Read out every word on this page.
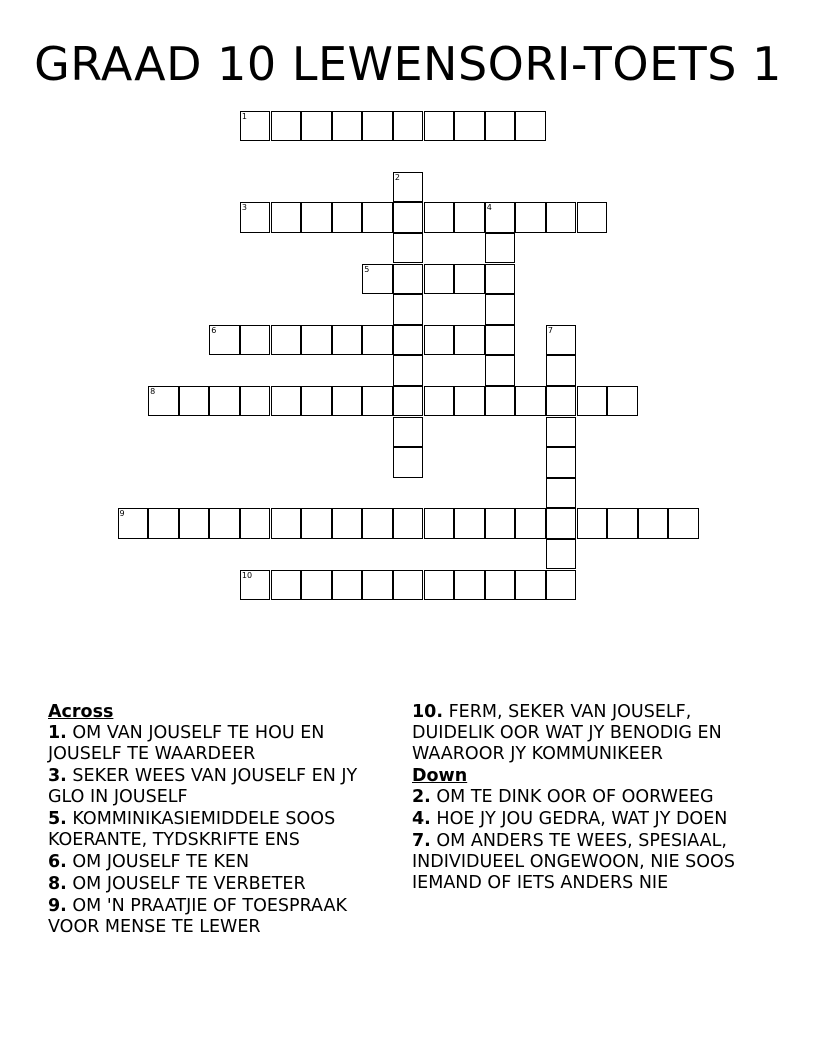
GRAAD 10 LEWENSORI-TOETS 1
1
2
3	4
5
6	7
8
9
10
Across
1. OM VAN JOUSELF TE HOU EN JOUSELF TE WAARDEER
3. SEKER WEES VAN JOUSELF EN JY GLO IN JOUSELF
5. KOMMINIKASIEMIDDELE SOOS KOERANTE, TYDSKRIFTE ENS
6. OM JOUSELF TE KEN
8. OM JOUSELF TE VERBETER
9. OM 'N PRAATJIE OF TOESPRAAK VOOR MENSE TE LEWER
10. FERM, SEKER VAN JOUSELF, DUIDELIK OOR WAT JY BENODIG EN WAAROOR JY KOMMUNIKEER
Down
2. OM TE DINK OOR OF OORWEEG
4. HOE JY JOU GEDRA, WAT JY DOEN
7. OM ANDERS TE WEES, SPESIAAL, INDIVIDUEEL ONGEWOON, NIE SOOS IEMAND OF IETS ANDERS NIE
